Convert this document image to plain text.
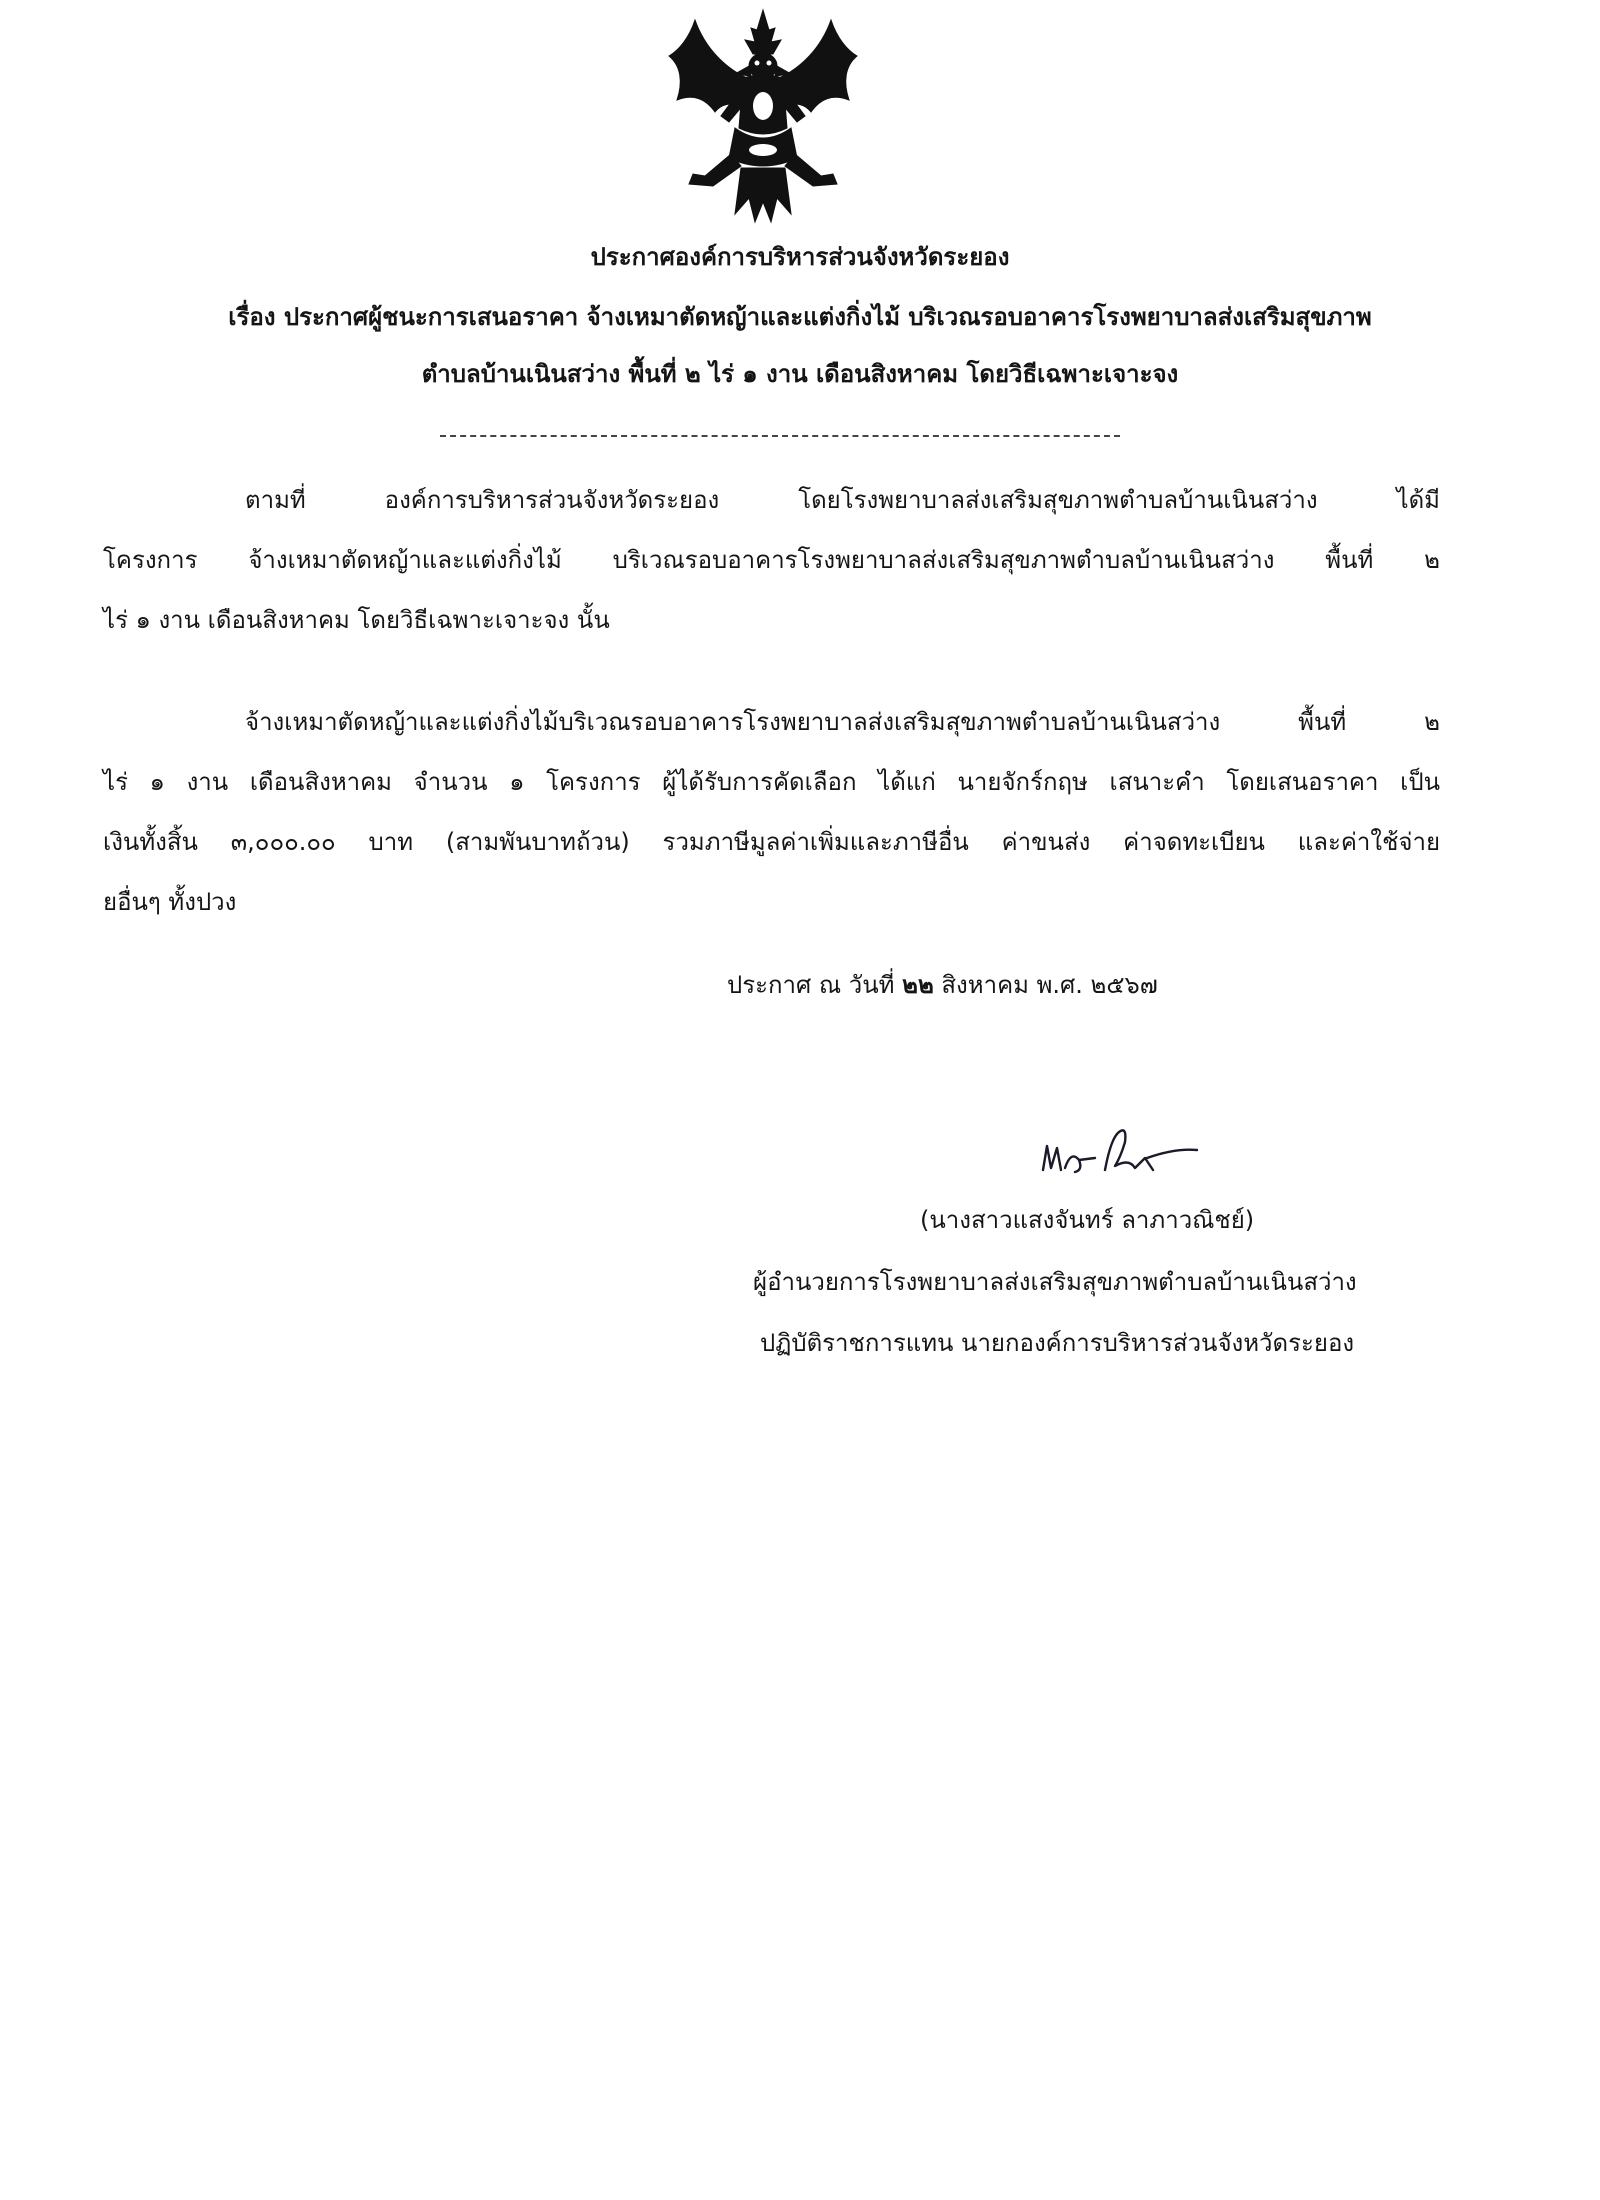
ประกาศองค์การบริหารส่วนจังหวัดระยอง
เรื่อง ประกาศผู้ชนะการเสนอราคา จ้างเหมาตัดหญ้าและแต่งกิ่งไม้ บริเวณรอบอาคารโรงพยาบาลส่งเสริมสุขภาพ
ตำบลบ้านเนินสว่าง พื้นที่ ๒ ไร่ ๑ งาน เดือนสิงหาคม โดยวิธีเฉพาะเจาะจง
ตามที่ องค์การบริหารส่วนจังหวัดระยอง โดยโรงพยาบาลส่งเสริมสุขภาพตำบลบ้านเนินสว่าง ได้มี
โครงการ จ้างเหมาตัดหญ้าและแต่งกิ่งไม้ บริเวณรอบอาคารโรงพยาบาลส่งเสริมสุขภาพตำบลบ้านเนินสว่าง พื้นที่ ๒
ไร่ ๑ งาน เดือนสิงหาคม โดยวิธีเฉพาะเจาะจง นั้น
จ้างเหมาตัดหญ้าและแต่งกิ่งไม้บริเวณรอบอาคารโรงพยาบาลส่งเสริมสุขภาพตำบลบ้านเนินสว่าง พื้นที่ ๒
ไร่ ๑ งาน เดือนสิงหาคม จำนวน ๑ โครงการ ผู้ได้รับการคัดเลือก ได้แก่ นายจักร์กฤษ เสนาะคำ โดยเสนอราคา เป็น
เงินทั้งสิ้น ๓,๐๐๐.๐๐ บาท (สามพันบาทถ้วน) รวมภาษีมูลค่าเพิ่มและภาษีอื่น ค่าขนส่ง ค่าจดทะเบียน และค่าใช้จ่าย
ยอื่นๆ ทั้งปวง
ประกาศ ณ วันที่ ๒๒ สิงหาคม พ.ศ. ๒๕๖๗
(นางสาวแสงจันทร์ ลาภาวณิชย์)
ผู้อำนวยการโรงพยาบาลส่งเสริมสุขภาพตำบลบ้านเนินสว่าง
ปฏิบัติราชการแทน นายกองค์การบริหารส่วนจังหวัดระยอง
